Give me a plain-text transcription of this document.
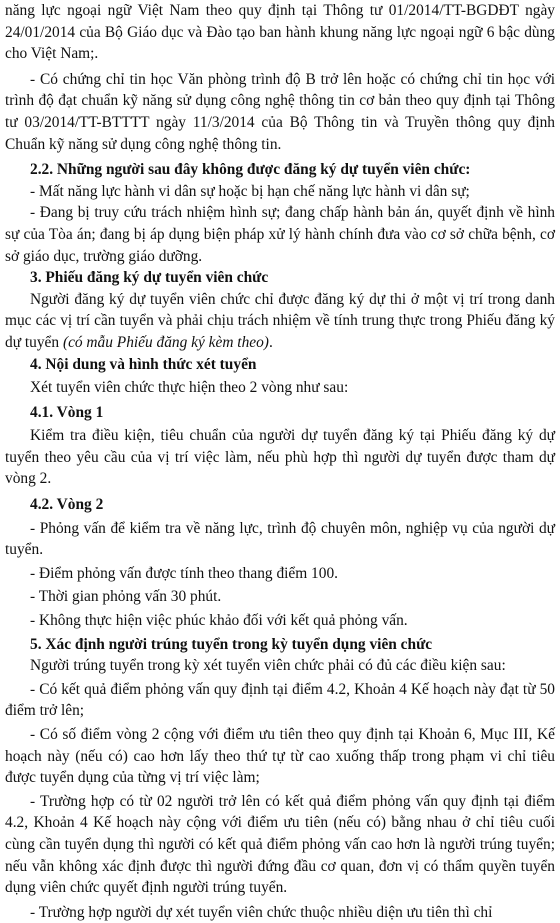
năng lực ngoại ngữ Việt Nam theo quy định tại Thông tư 01/2014/TT-BGDĐT ngày 24/01/2014 của Bộ Giáo dục và Đào tạo ban hành khung năng lực ngoại ngữ 6 bậc dùng cho Việt Nam;.

- Có chứng chỉ tin học Văn phòng trình độ B trở lên hoặc có chứng chỉ tin học với trình độ đạt chuẩn kỹ năng sử dụng công nghệ thông tin cơ bản theo quy định tại Thông tư 03/2014/TT-BTTTT ngày 11/3/2014 của Bộ Thông tin và Truyền thông quy định Chuẩn kỹ năng sử dụng công nghệ thông tin.

2.2. Những người sau đây không được đăng ký dự tuyển viên chức:

- Mất năng lực hành vi dân sự hoặc bị hạn chế năng lực hành vi dân sự;

- Đang bị truy cứu trách nhiệm hình sự; đang chấp hành bản án, quyết định về hình sự của Tòa án; đang bị áp dụng biện pháp xử lý hành chính đưa vào cơ sở chữa bệnh, cơ sở giáo dục, trường giáo dưỡng.

3. Phiếu đăng ký dự tuyển viên chức

Người đăng ký dự tuyển viên chức chỉ được đăng ký dự thi ở một vị trí trong danh mục các vị trí cần tuyển và phải chịu trách nhiệm về tính trung thực trong Phiếu đăng ký dự tuyển (có mẫu Phiếu đăng ký kèm theo).

4. Nội dung và hình thức xét tuyển

Xét tuyển viên chức thực hiện theo 2 vòng như sau:

4.1. Vòng 1

Kiểm tra điều kiện, tiêu chuẩn của người dự tuyển đăng ký tại Phiếu đăng ký dự tuyển theo yêu cầu của vị trí việc làm, nếu phù hợp thì người dự tuyển được tham dự vòng 2.

4.2. Vòng 2

- Phỏng vấn để kiểm tra về năng lực, trình độ chuyên môn, nghiệp vụ của người dự tuyển.

- Điểm phỏng vấn được tính theo thang điểm 100.

- Thời gian phỏng vấn 30 phút.

- Không thực hiện việc phúc khảo đối với kết quả phỏng vấn.

5. Xác định người trúng tuyển trong kỳ tuyển dụng viên chức

Người trúng tuyển trong kỳ xét tuyển viên chức phải có đủ các điều kiện sau:

- Có kết quả điểm phỏng vấn quy định tại điểm 4.2, Khoản 4 Kế hoạch này đạt từ 50 điểm trở lên;

- Có số điểm vòng 2 cộng với điểm ưu tiên theo quy định tại Khoản 6, Mục III, Kế hoạch này (nếu có) cao hơn lấy theo thứ tự từ cao xuống thấp trong phạm vi chỉ tiêu được tuyển dụng của từng vị trí việc làm;

- Trường hợp có từ 02 người trở lên có kết quả điểm phỏng vấn quy định tại điểm 4.2, Khoản 4 Kế hoạch này cộng với điểm ưu tiên (nếu có) bằng nhau ở chỉ tiêu cuối cùng cần tuyển dụng thì người có kết quả điểm phỏng vấn cao hơn là người trúng tuyển; nếu vẫn không xác định được thì người đứng đầu cơ quan, đơn vị có thẩm quyền tuyển dụng viên chức quyết định người trúng tuyển.

- Trường hợp người dự xét tuyển viên chức thuộc nhiều diện ưu tiên thì chỉ
